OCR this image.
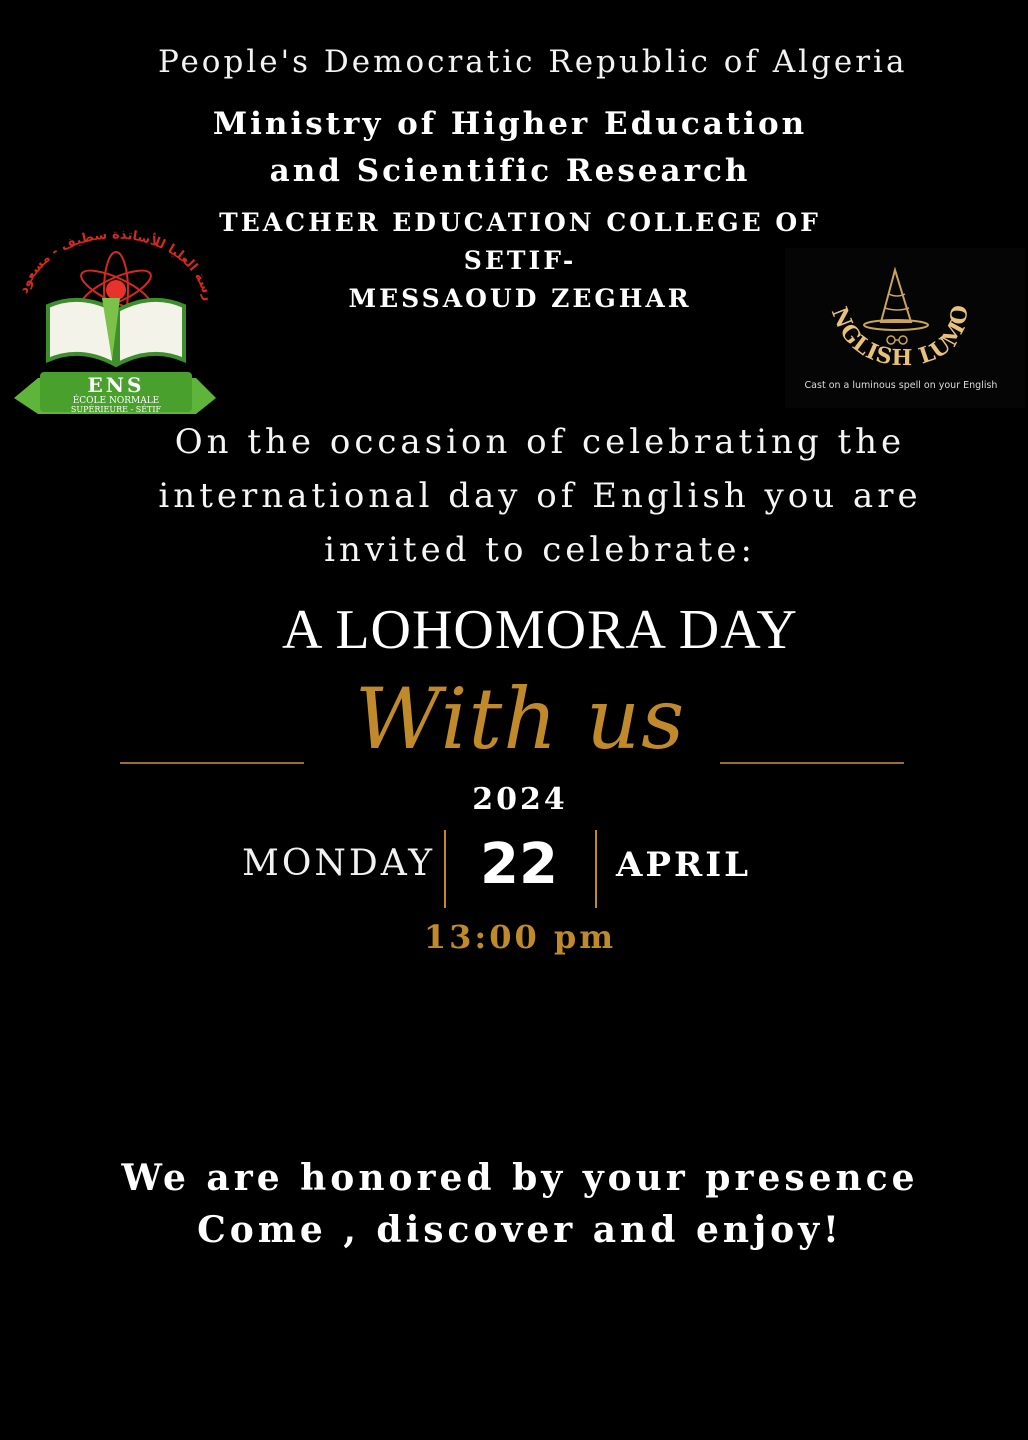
People's Democratic Republic of Algeria
Ministry of Higher Education
and Scientific Research
TEACHER EDUCATION COLLEGE OF SETIF-
MESSAOUD ZEGHAR
رسة العليا للأساتذة سطيف - مسعود
ENS
ÉCOLE NORMALE
SUPÉRIEURE - SÉTIF
NGLISH LUMO
Cast on a luminous spell on your English
On the occasion of celebrating the
international day of English you are
invited to celebrate:
A LOHOMORA DAY
With us
2024
MONDAY 22	APRIL
13:00 pm
We are honored by your presence
Come , discover and enjoy!
